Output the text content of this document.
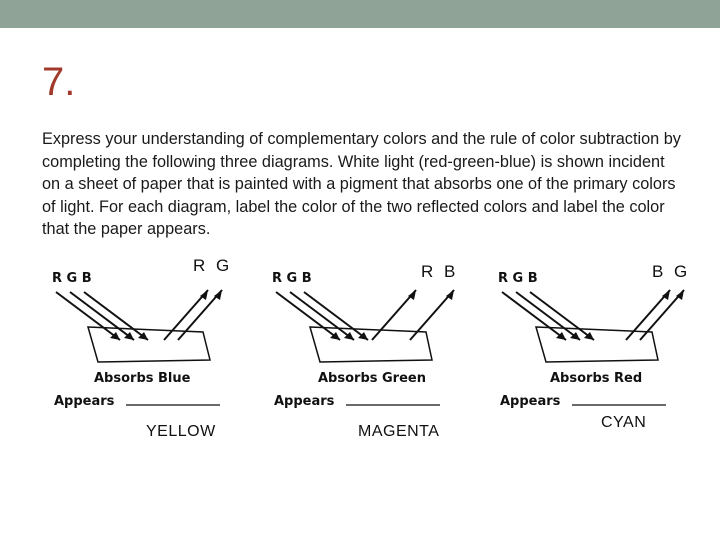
7.
Express your understanding of complementary colors and the rule of color subtraction by completing the following three diagrams. White light (red-green-blue) is shown incident on a sheet of paper that is painted with a pigment that absorbs one of the primary colors of light. For each diagram, label the color of the two reflected colors and label the color that the paper appears.
R G B
Absorbs Blue
Appears
R G
YELLOW
R G B
Absorbs Green
Appears
R B
MAGENTA
R G B
Absorbs Red
Appears
B G
CYAN
